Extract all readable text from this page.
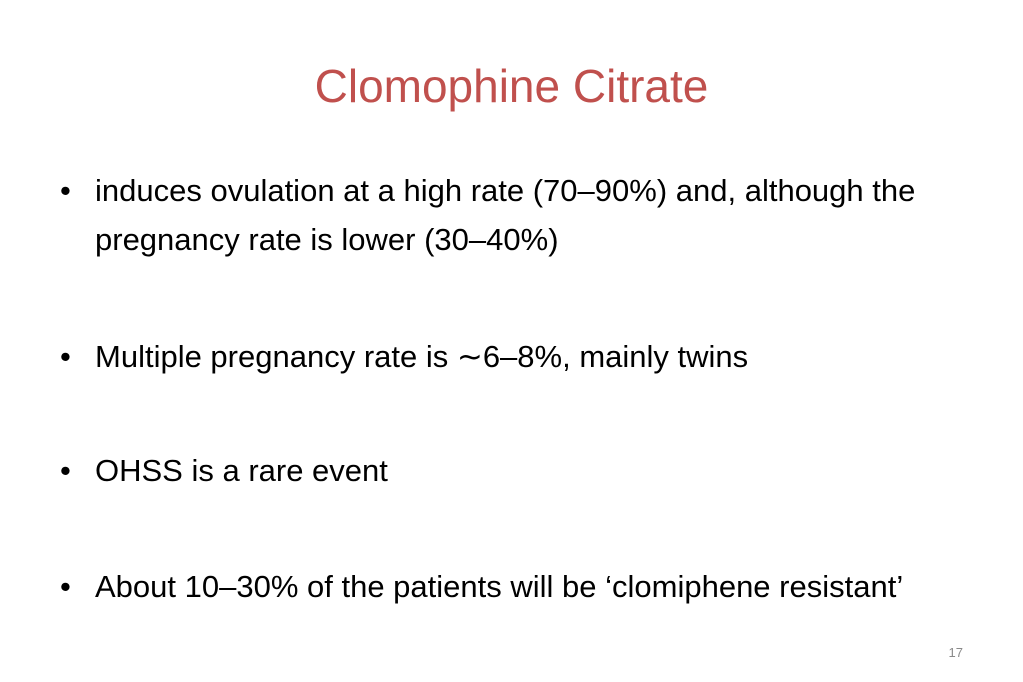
Clomophine Citrate
• induces ovulation at a high rate (70–90%) and, although the pregnancy rate is lower (30–40%)
• Multiple pregnancy rate is ∼6–8%, mainly twins
• OHSS is a rare event
• About 10–30% of the patients will be ‘clomiphene resistant’
17
